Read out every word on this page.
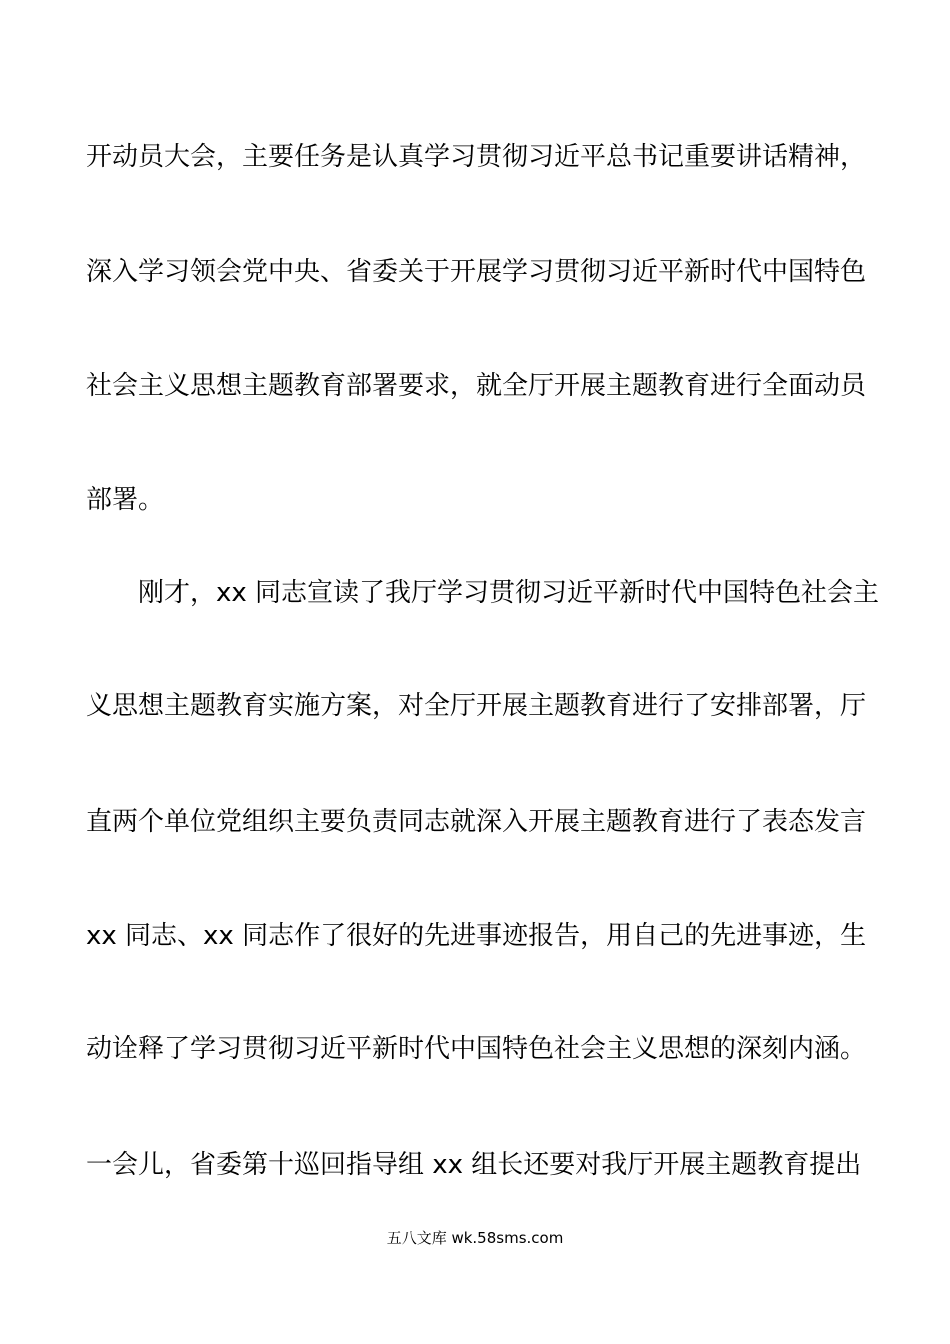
开动员大会，主要任务是认真学习贯彻习近平总书记重要讲话精神，
深入学习领会党中央、省委关于开展学习贯彻习近平新时代中国特色
社会主义思想主题教育部署要求，就全厅开展主题教育进行全面动员
部署。
刚才，xx 同志宣读了我厅学习贯彻习近平新时代中国特色社会主
义思想主题教育实施方案，对全厅开展主题教育进行了安排部署，厅
直两个单位党组织主要负责同志就深入开展主题教育进行了表态发言
xx 同志、xx 同志作了很好的先进事迹报告，用自己的先进事迹，生
动诠释了学习贯彻习近平新时代中国特色社会主义思想的深刻内涵。
一会儿，省委第十巡回指导组 xx 组长还要对我厅开展主题教育提出
五八文库 wk.58sms.com
